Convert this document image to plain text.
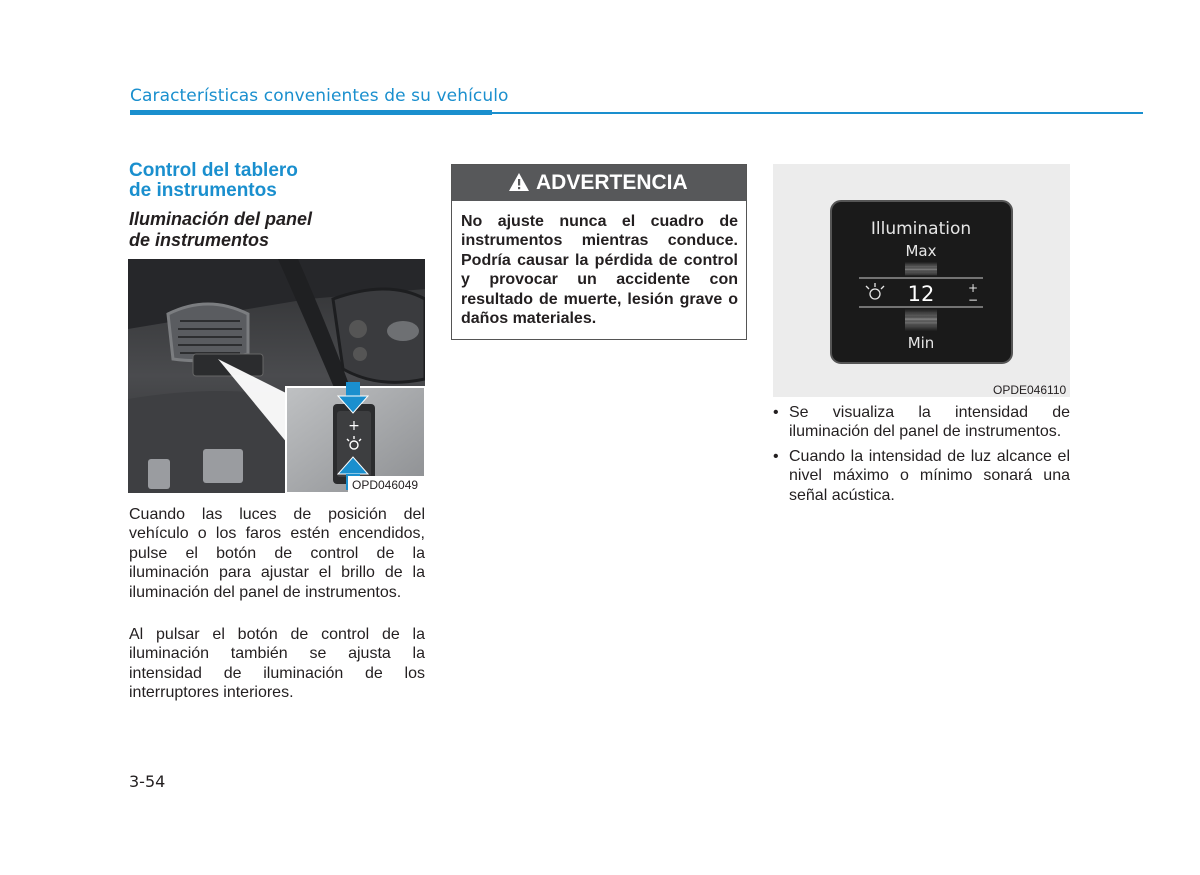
Características convenientes de su vehículo
Control del tablero
de instrumentos
Iluminación del panel
de instrumentos
+
OPD046049
Cuando las luces de posición del vehículo o los faros estén encendidos, pulse el botón de control de la iluminación para ajustar el brillo de la iluminación del panel de instrumentos.
Al pulsar el botón de control de la iluminación también se ajusta la intensidad de iluminación de los interruptores interiores.
3-54
ADVERTENCIA
No ajuste nunca el cuadro de instrumentos mientras conduce. Podría causar la pérdida de control y provocar un accidente con resultado de muerte, lesión grave o daños materiales.
Illumination
Max
12	+
−
Min
OPDE046110
• Se visualiza la intensidad de iluminación del panel de instrumentos.
• Cuando la intensidad de luz alcance el nivel máximo o mínimo sonará una señal acústica.
